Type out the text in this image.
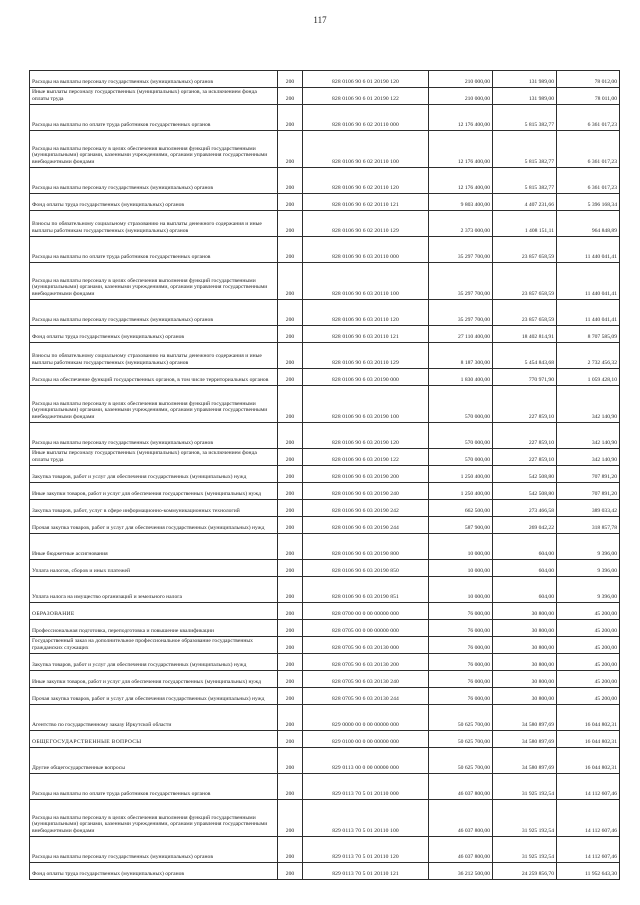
117
Расходы на выплаты персоналу государственных (муниципальных) органов	200	828 0106 90 6 01 20190 120	210 000,00	131 989,00	78 012,00
Иные выплаты персоналу государственных (муниципальных) органов, за исключением фонда оплаты труда	200	828 0106 90 6 01 20190 122	210 000,00	131 989,00	78 011,00
Расходы на выплаты по оплате труда работников государственных органов	200	828 0106 90 6 02 20110 000	12 176 400,00	5 815 382,77	6 361 017,23
Расходы на выплаты персоналу в целях обеспечения выполнения функций государственными (муниципальными) органами, казенными учреждениями, органами управления государственными внебюджетными фондами	200	828 0106 90 6 02 20110 100	12 176 400,00	5 815 382,77	6 361 017,23
Расходы на выплаты персоналу государственных (муниципальных) органов	200	828 0106 90 6 02 20110 120	12 176 400,00	5 815 382,77	6 361 017,23
Фонд оплаты труда государственных (муниципальных) органов	200	828 0106 90 6 02 20110 121	9 803 400,00	4 407 231,66	5 396 168,34
Взносы по обязательному социальному страхованию на выплаты денежного содержания и иные выплаты работникам государственных (муниципальных) органов	200	828 0106 90 6 02 20110 129	2 373 000,00	1 408 151,11	964 848,89
Расходы на выплаты по оплате труда работников государственных органов	200	828 0106 90 6 03 20110 000	35 297 700,00	23 857 658,59	11 440 041,41
Расходы на выплаты персоналу в целях обеспечения выполнения функций государственными (муниципальными) органами, казенными учреждениями, органами управления государственными внебюджетными фондами	200	828 0106 90 6 03 20110 100	35 297 700,00	23 857 658,59	11 440 041,41
Расходы на выплаты персоналу государственных (муниципальных) органов	200	828 0106 90 6 03 20110 120	35 297 700,00	23 857 658,59	11 440 041,41
Фонд оплаты труда государственных (муниципальных) органов	200	828 0106 90 6 03 20110 121	27 110 400,00	18 402 814,91	8 707 585,09
Взносы по обязательному социальному страхованию на выплаты денежного содержания и иные выплаты работникам государственных (муниципальных) органов	200	828 0106 90 6 03 20110 129	8 187 300,00	5 454 843,68	2 732 456,32
Расходы на обеспечение функций государственных органов, в том числе территориальных органов	200	828 0106 90 6 03 20190 000	1 830 400,00	770 971,90	1 059 428,10
Расходы на выплаты персоналу в целях обеспечения выполнения функций государственными (муниципальными) органами, казенными учреждениями, органами управления государственными внебюджетными фондами	200	828 0106 90 6 03 20190 100	570 000,00	227 859,10	342 140,90
Расходы на выплаты персоналу государственных (муниципальных) органов	200	828 0106 90 6 03 20190 120	570 000,00	227 859,10	342 140,90
Иные выплаты персоналу государственных (муниципальных) органов, за исключением фонда оплаты труда	200	828 0106 90 6 03 20190 122	570 000,00	227 859,10	342 140,90
Закупка товаров, работ и услуг для обеспечения государственных (муниципальных) нужд	200	828 0106 90 6 03 20190 200	1 250 400,00	542 508,80	707 891,20
Иные закупки товаров, работ и услуг для обеспечения государственных (муниципальных) нужд	200	828 0106 90 6 03 20190 240	1 250 400,00	542 508,80	707 891,20
Закупка товаров, работ, услуг в сфере информационно-коммуникационных технологий	200	828 0106 90 6 03 20190 242	662 500,00	273 466,58	389 033,42
Прочая закупка товаров, работ и услуг для обеспечения государственных (муниципальных) нужд	200	828 0106 90 6 03 20190 244	587 900,00	269 042,22	318 857,78
Иные бюджетные ассигнования	200	828 0106 90 6 03 20190 800	10 000,00	604,00	9 396,00
Уплата налогов, сборов и иных платежей	200	828 0106 90 6 03 20190 850	10 000,00	604,00	9 396,00
Уплата налога на имущество организаций и земельного налога	200	828 0106 90 6 03 20190 851	10 000,00	604,00	9 396,00
ОБРАЗОВАНИЕ	200	828 0700 00 0 00 00000 000	76 000,00	30 800,00	45 200,00
Профессиональная подготовка, переподготовка и повышение квалификации	200	828 0705 00 0 00 00000 000	76 000,00	30 800,00	45 200,00
Государственный заказ на дополнительное профессиональное образование государственных гражданских служащих	200	828 0705 90 6 03 20130 000	76 000,00	30 800,00	45 200,00
Закупка товаров, работ и услуг для обеспечения государственных (муниципальных) нужд	200	828 0705 90 6 03 20130 200	76 000,00	30 800,00	45 200,00
Иные закупки товаров, работ и услуг для обеспечения государственных (муниципальных) нужд	200	828 0705 90 6 03 20130 240	76 000,00	30 800,00	45 200,00
Прочая закупка товаров, работ и услуг для обеспечения государственных (муниципальных) нужд	200	828 0705 90 6 03 20130 244	76 000,00	30 800,00	45 200,00
Агентство по государственному заказу Иркутской области	200	829 0000 00 0 00 00000 000	50 625 700,00	34 580 897,69	16 044 802,31
ОБЩЕГОСУДАРСТВЕННЫЕ ВОПРОСЫ	200	829 0100 00 0 00 00000 000	50 625 700,00	34 580 897,69	16 044 802,31
Другие общегосударственные вопросы	200	829 0113 00 0 00 00000 000	50 625 700,00	34 580 897,69	16 044 802,31
Расходы на выплаты по оплате труда работников государственных органов	200	829 0113 70 5 01 20110 000	46 037 800,00	31 925 192,54	14 112 607,46
Расходы на выплаты персоналу в целях обеспечения выполнения функций государственными (муниципальными) органами, казенными учреждениями, органами управления государственными внебюджетными фондами	200	829 0113 70 5 01 20110 100	46 037 800,00	31 925 192,54	14 112 607,46
Расходы на выплаты персоналу государственных (муниципальных) органов	200	829 0113 70 5 01 20110 120	46 037 800,00	31 925 192,54	14 112 607,46
Фонд оплаты труда государственных (муниципальных) органов	200	829 0113 70 5 01 20110 121	36 212 500,00	24 259 856,70	11 952 643,30
